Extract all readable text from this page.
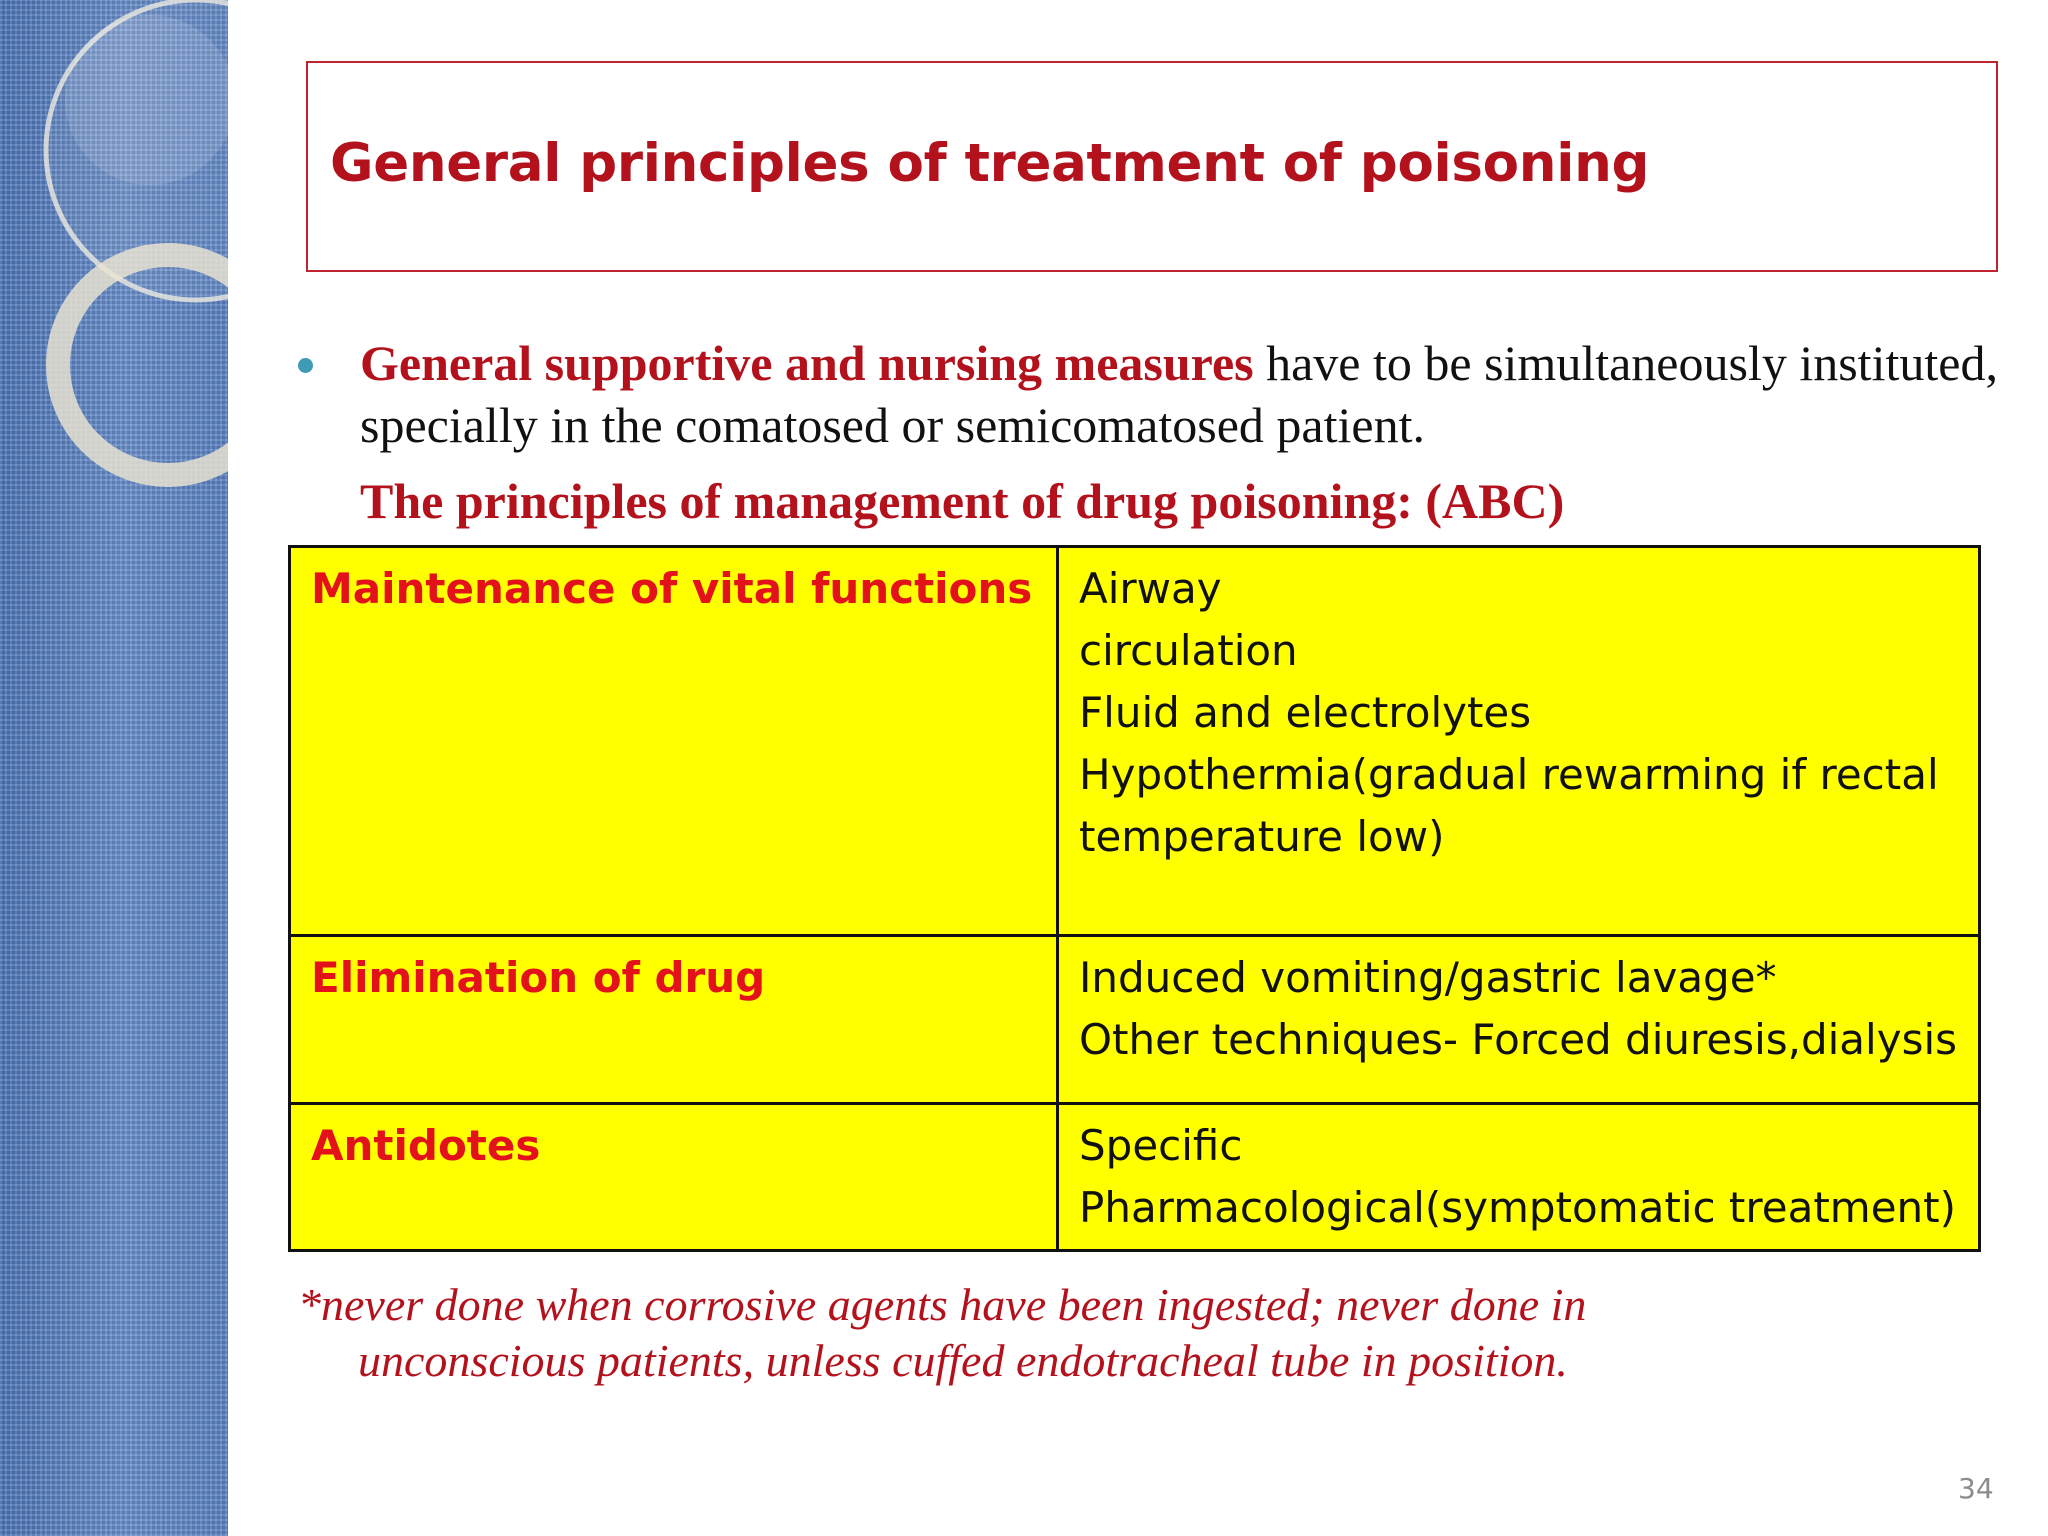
General principles of treatment of poisoning

General supportive and nursing measures have to be simultaneously instituted, specially in the comatosed or semicomatosed patient.

The principles of management of drug poisoning: (ABC)

Maintenance of vital functions	Airway
circulation
Fluid and electrolytes
Hypothermia(gradual rewarming if rectal
temperature low)

Elimination of drug	Induced vomiting/gastric lavage*
Other techniques- Forced diuresis,dialysis

Antidotes	Specific
Pharmacological(symptomatic treatment)

*never done when corrosive agents have been ingested; never done in
unconscious patients, unless cuffed endotracheal tube in position.

34
